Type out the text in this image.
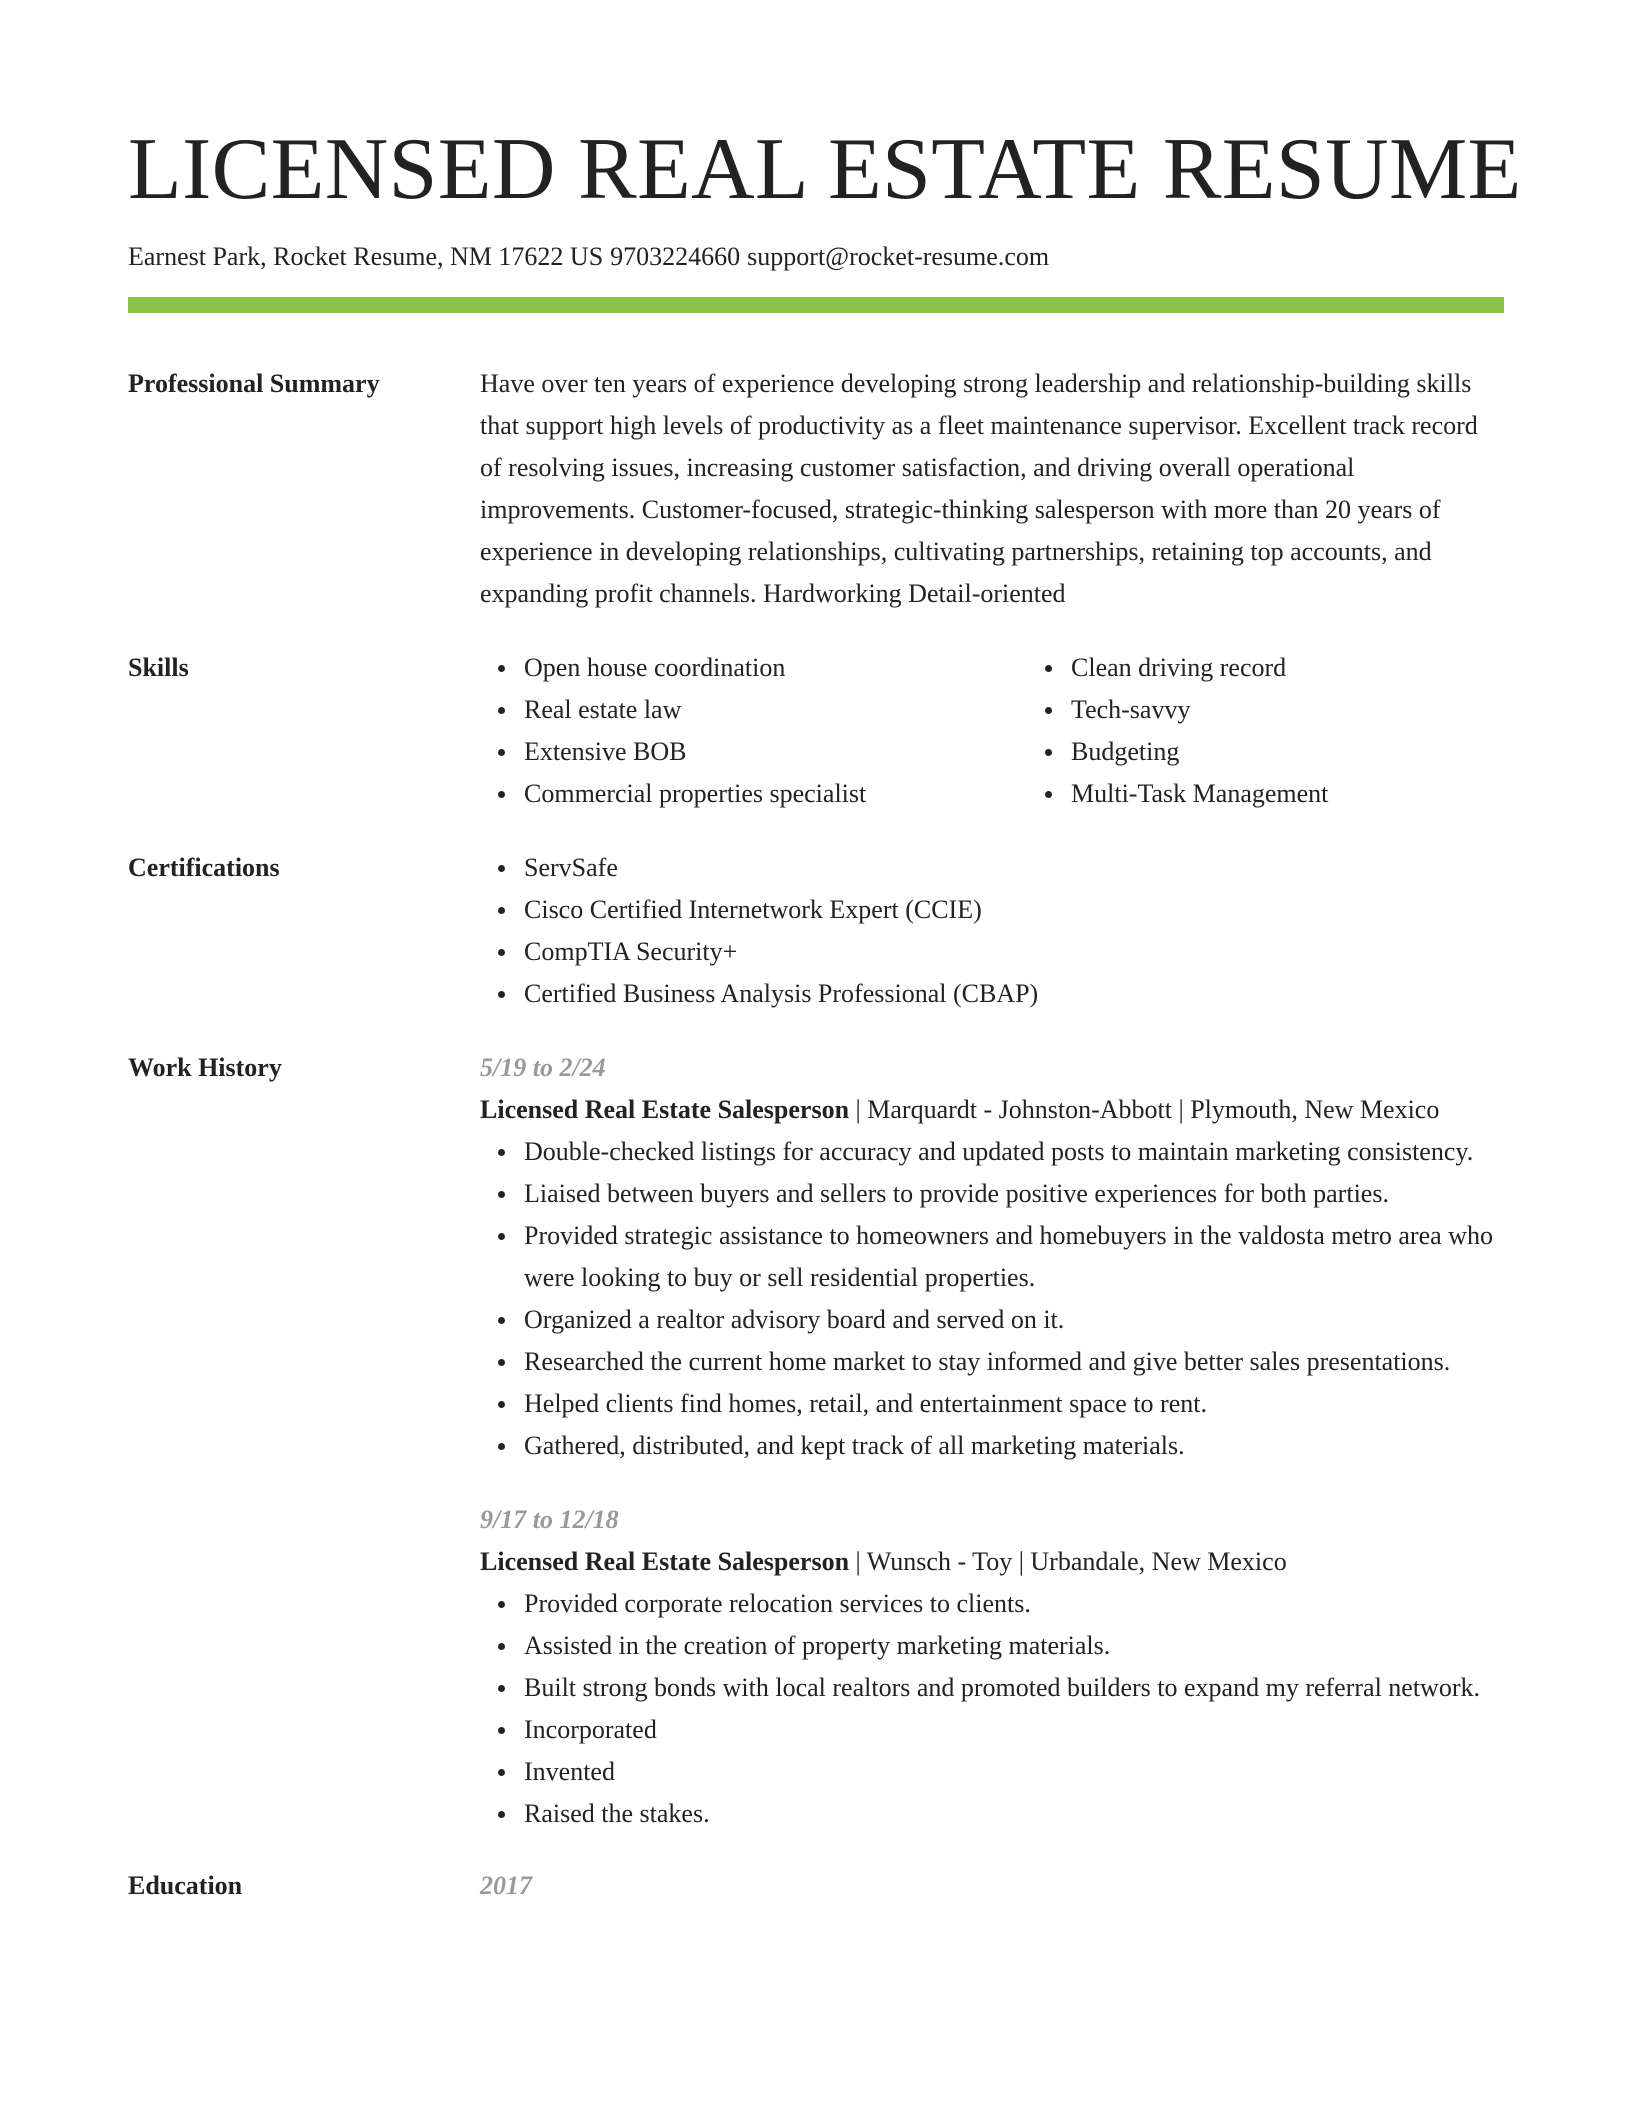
LICENSED REAL ESTATE RESUME
Earnest Park, Rocket Resume, NM 17622 US 9703224660 support@rocket-resume.com
Professional Summary	Have over ten years of experience developing strong leadership and relationship-building skills that support high levels of productivity as a fleet maintenance supervisor. Excellent track record of resolving issues, increasing customer satisfaction, and driving overall operational improvements. Customer-focused, strategic-thinking salesperson with more than 20 years of experience in developing relationships, cultivating partnerships, retaining top accounts, and expanding profit channels. Hardworking Detail-oriented
Skills	Open house coordination
Real estate law
Extensive BOB
Commercial properties specialist
Clean driving record
Tech-savvy
Budgeting
Multi-Task Management
Certifications	ServSafe
Cisco Certified Internetwork Expert (CCIE)
CompTIA Security+
Certified Business Analysis Professional (CBAP)
Work History	5/19 to 2/24
Licensed Real Estate Salesperson | Marquardt - Johnston-Abbott | Plymouth, New Mexico
Double-checked listings for accuracy and updated posts to maintain marketing consistency.
Liaised between buyers and sellers to provide positive experiences for both parties.
Provided strategic assistance to homeowners and homebuyers in the valdosta metro area who were looking to buy or sell residential properties.
Organized a realtor advisory board and served on it.
Researched the current home market to stay informed and give better sales presentations.
Helped clients find homes, retail, and entertainment space to rent.
Gathered, distributed, and kept track of all marketing materials.
9/17 to 12/18
Licensed Real Estate Salesperson | Wunsch - Toy | Urbandale, New Mexico
Provided corporate relocation services to clients.
Assisted in the creation of property marketing materials.
Built strong bonds with local realtors and promoted builders to expand my referral network.
Incorporated
Invented
Raised the stakes.
Education	2017
